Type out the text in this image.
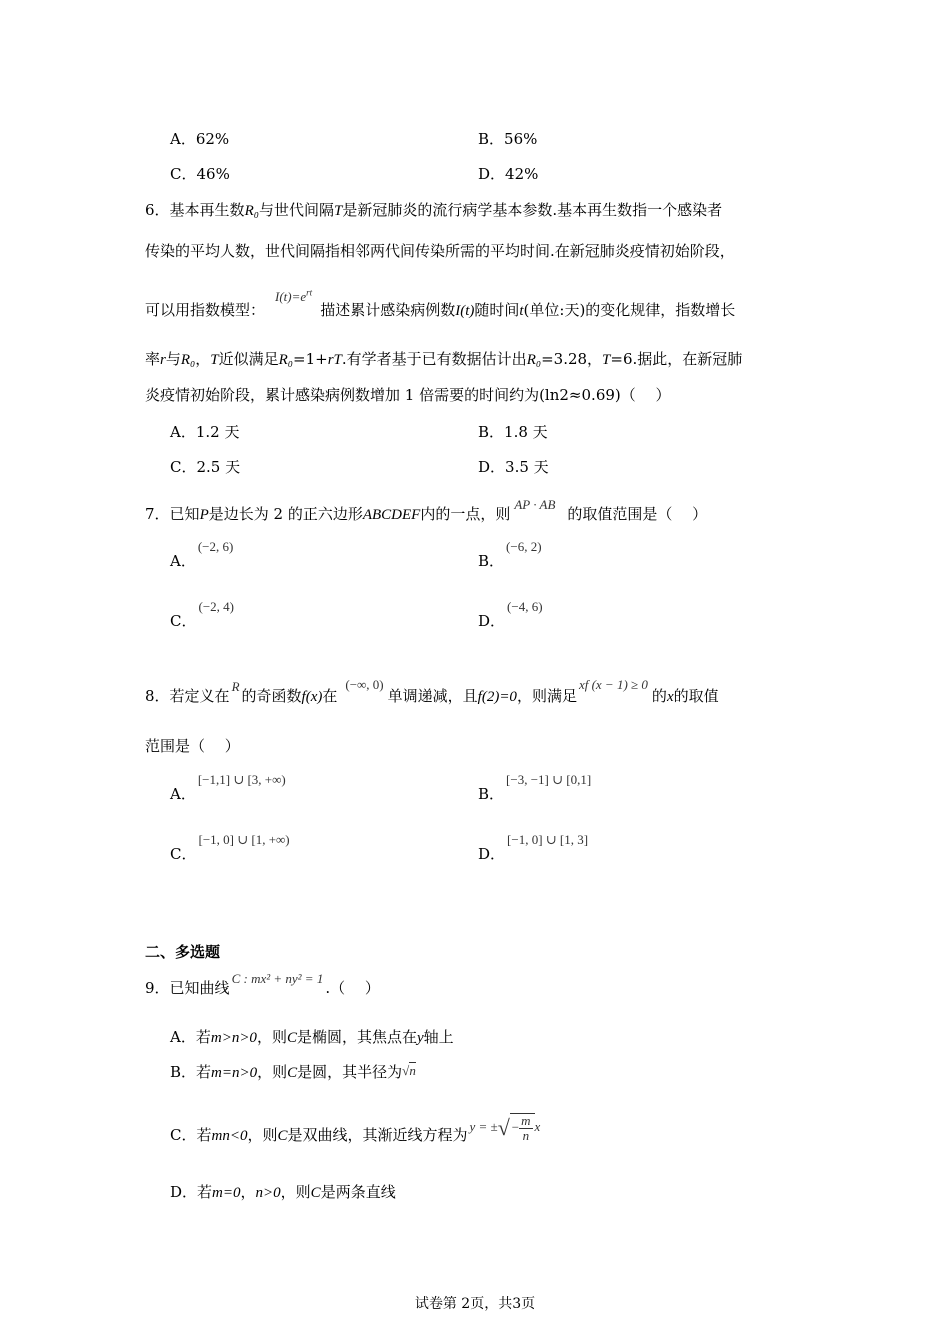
A．62%	B．56%
C．46%	D．42%
6．基本再生数R₀与世代间隔T是新冠肺炎的流行病学基本参数.基本再生数指一个感染者
传染的平均人数，世代间隔指相邻两代间传染所需的平均时间.在新冠肺炎疫情初始阶段，
可以用指数模型：$I(t)=e^{rt}$描述累计感染病例数I(t)随时间t(单位:天)的变化规律，指数增长
率r与R₀，T近似满足R₀=1+rT.有学者基于已有数据估计出R₀=3.28，T=6.据此，在新冠肺
炎疫情初始阶段，累计感染病例数增加 1 倍需要的时间约为(ln2≈0.69)（　 ）
A．1.2 天	B．1.8 天
C．2.5 天	D．3.5 天
7．已知P是边长为 2 的正六边形ABCDEF内的一点，则AP · AB的取值范围是（　 ）
A．(−2, 6)
B．(−6, 2)
C．(−2, 4)
D．(−4, 6)
8．若定义在R的奇函数f(x)在(−∞, 0)单调递减，且f(2)=0，则满足xf (x − 1) ≥ 0的x的取值
范围是（　 ）
A．[−1,1] ∪ [3, +∞)
B．[−3, −1] ∪ [0,1]
C．[−1, 0] ∪ [1, +∞)
D．[−1, 0] ∪ [1, 3]
二、多选题
9．已知曲线C : mx² + ny² = 1.（　 ）
A．若m>n>0，则C是椭圆，其焦点在y轴上
B．若m=n>0，则C是圆，其半径为√n
C．若mn<0，则C是双曲线，其渐近线方程为 y = ±√ − $\frac{m}{n}$ x
D．若m=0，n>0，则C是两条直线
试卷第 2页，共3页
